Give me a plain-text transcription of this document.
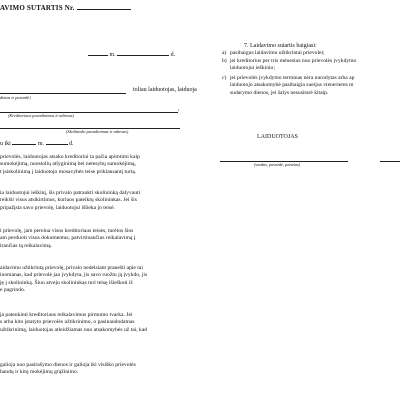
AVIMO SUTARTIS Nr.
m.	d.
toliau laiduotojas, laiduoja
dimas ir pavardė)
,
(Kreditoriaus pavadinimas ir adresas)
(Skolininko pavadinimas ir adresas)
u iki	m.	d.
prievolės, laiduotojas atsako kreditoriui ta pačia apimtimi kaip
sumokėjimą, nuostolių atlyginimą bei netesybų sumokėjimą,
t įsiskolinimą į laiduotojo mosavybės teise priklausantį turtą.
ia laiduotojui ieškinį, šis privalo patraukti skolininką dalyvauti
reikšti visus atsikirtimus, kuriuos pateiktų skolininkas. Jei šis
pripažįsta savo prievolę, laiduotojui išlieka jo teisė.
i prievolę, jam pereina visos kreditoriaus teisės, turėtos šios
am perduoti visus dokumentus, patvirtinančius reikalavimą į
irančias tą reikalavimą.
aidavimu užtikrintą prievolę, privalo nedelsiant pranešti apie tai
inomanas, kad prievolė jau įvykdyta, jis savo ruožtu ją įvykdo, jis
ję į skolininką. Šiuo atveju skolininkas turi teisę išieškoti iš
e pagrindo.
ja patenkinti kreditoriaus reikalavimus pirmumo tvarka. Jei
s arba kito įstatyto prievolės užtikrinimo, o pasinaudodamas
užtikrinimą, laiduotojas atleidžiamas nuo atsakomybės už tai, kad
galioja nuo pasirašymo dienos ir galioja iki visiško prievolės
bandų ir kitų mokėjimų grąžinimo.
7. Laidavimo sutartis baigiasi:
a) pasibaigus laidavimu užtikrintai prievolei;
b) jei kreditorius per tris mėnesius nuo prievolės įvykdymo
laiduotojui ieškinio;
c) jei prievolės įvykdymo terminas nėra nurodytas arba ap
laiduotojo atsakomybė pasibaigia sueijus vieneriems m
sudarymo dienos, jei šalys nesusitarė kitaip.
LAIDUOTOJAS
(vardas, pavardė, parašas)
